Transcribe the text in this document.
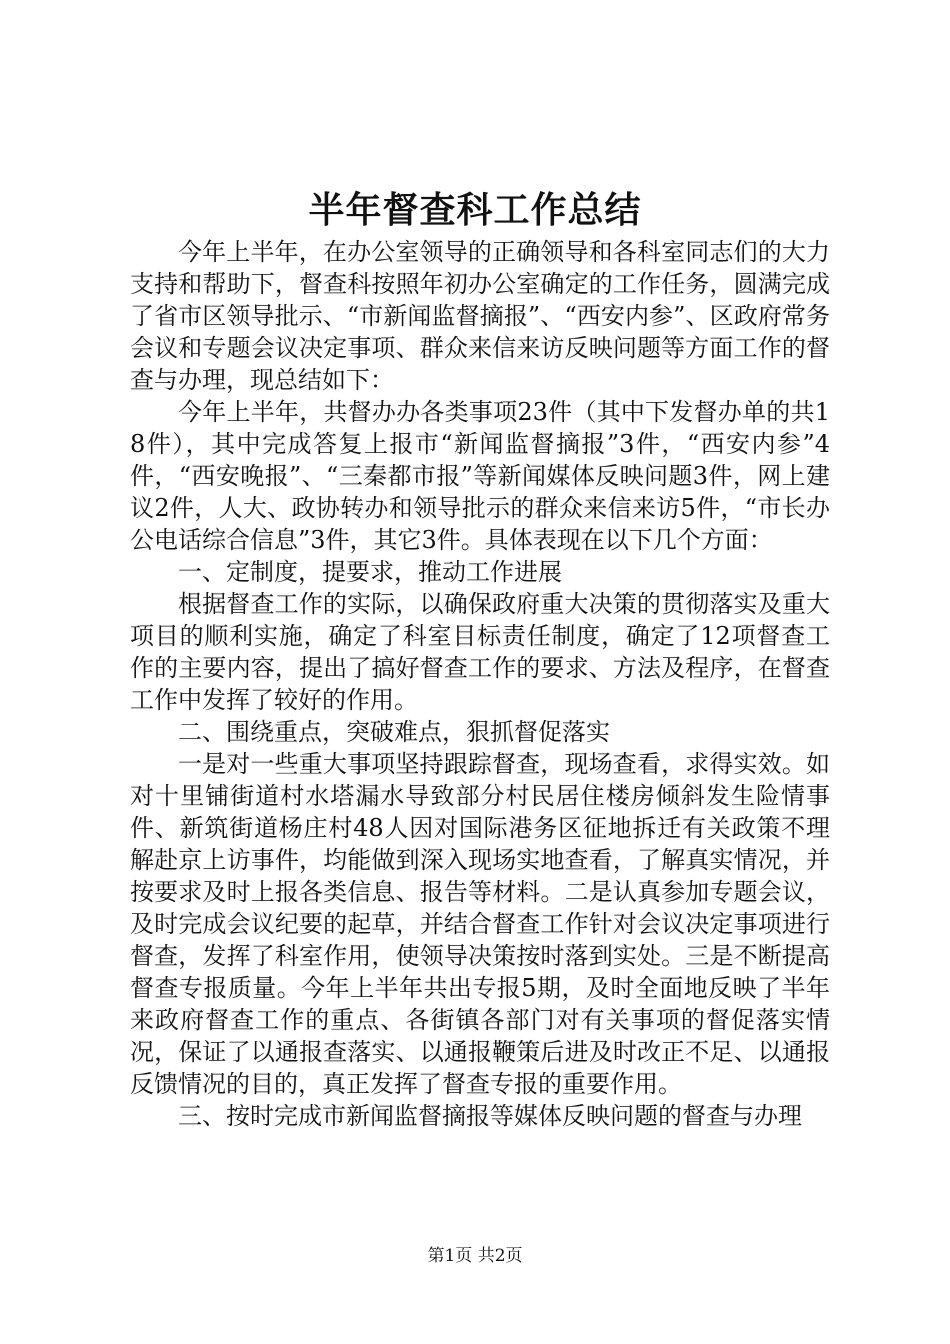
半年督查科工作总结

今年上半年，在办公室领导的正确领导和各科室同志们的大力支持和帮助下，督查科按照年初办公室确定的工作任务，圆满完成了省市区领导批示、“市新闻监督摘报”、“西安内参”、区政府常务会议和专题会议决定事项、群众来信来访反映问题等方面工作的督查与办理，现总结如下：

今年上半年，共督办办各类事项23件（其中下发督办单的共18件），其中完成答复上报市“新闻监督摘报”3件，“西安内参”4件，“西安晚报”、“三秦都市报”等新闻媒体反映问题3件，网上建议2件，人大、政协转办和领导批示的群众来信来访5件，“市长办公电话综合信息”3件，其它3件。具体表现在以下几个方面：

一、定制度，提要求，推动工作进展

根据督查工作的实际，以确保政府重大决策的贯彻落实及重大项目的顺利实施，确定了科室目标责任制度，确定了12项督查工作的主要内容，提出了搞好督查工作的要求、方法及程序，在督查工作中发挥了较好的作用。

二、围绕重点，突破难点，狠抓督促落实

一是对一些重大事项坚持跟踪督查，现场查看，求得实效。如对十里铺街道村水塔漏水导致部分村民居住楼房倾斜发生险情事件、新筑街道杨庄村48人因对国际港务区征地拆迁有关政策不理解赴京上访事件，均能做到深入现场实地查看，了解真实情况，并按要求及时上报各类信息、报告等材料。二是认真参加专题会议，及时完成会议纪要的起草，并结合督查工作针对会议决定事项进行督查，发挥了科室作用，使领导决策按时落到实处。三是不断提高督查专报质量。今年上半年共出专报5期，及时全面地反映了半年来政府督查工作的重点、各街镇各部门对有关事项的督促落实情况，保证了以通报查落实、以通报鞭策后进及时改正不足、以通报反馈情况的目的，真正发挥了督查专报的重要作用。

三、按时完成市新闻监督摘报等媒体反映问题的督查与办理

第1页 共2页
